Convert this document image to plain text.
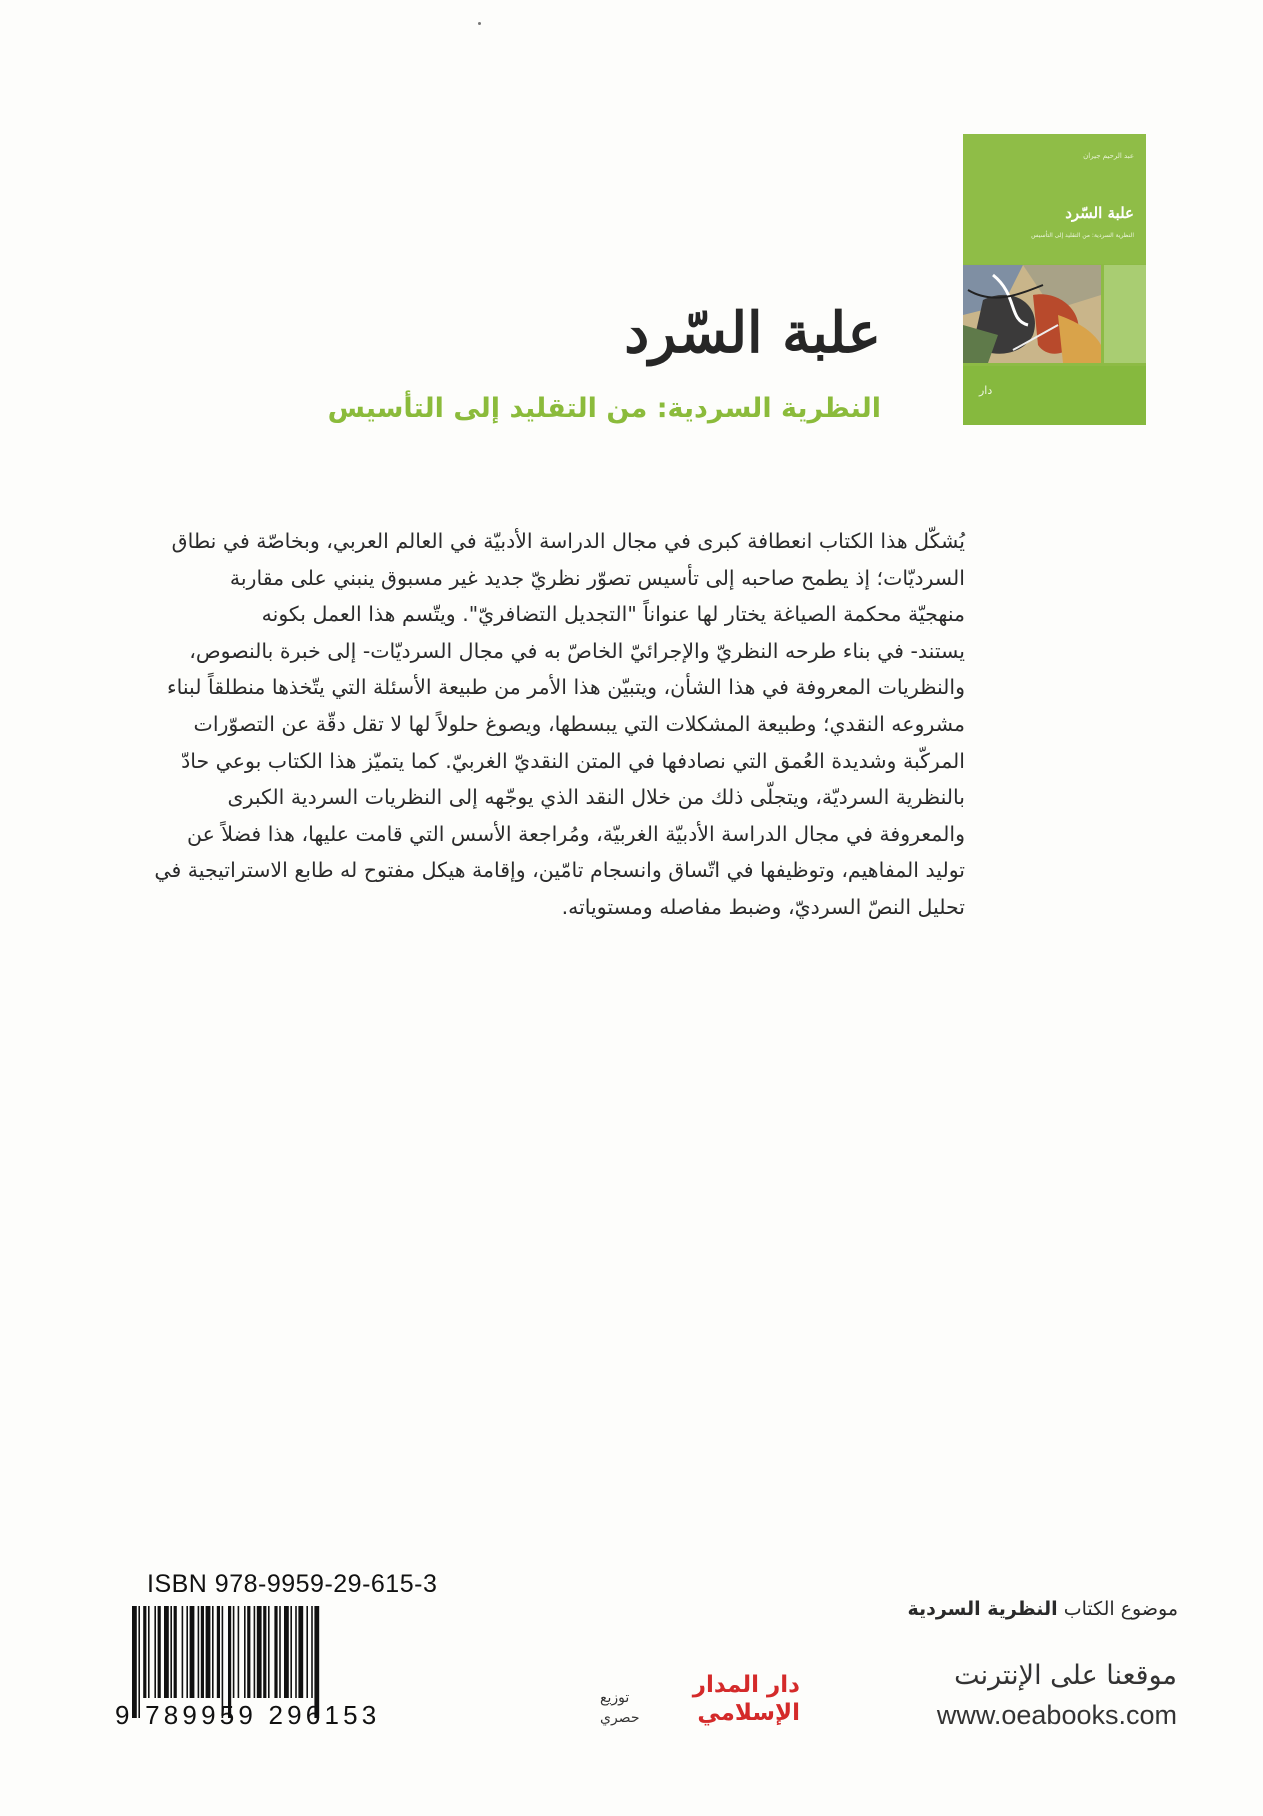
عبد الرحيم جيران
علبة السّرد
النظرية السردية: من التقليد إلى التأسيس
دار
علبة السّرد
النظرية السردية: من التقليد إلى التأسيس
يُشكّل هذا الكتاب انعطافة كبرى في مجال الدراسة الأدبيّة في العالم العربي، وبخاصّة في نطاق
السرديّات؛ إذ يطمح صاحبه إلى تأسيس تصوّر نظريّ جديد غير مسبوق ينبني على مقاربة
منهجيّة محكمة الصياغة يختار لها عنواناً "التجديل التضافريّ". ويتّسم هذا العمل بكونه
يستند- في بناء طرحه النظريّ والإجرائيّ الخاصّ به في مجال السرديّات- إلى خبرة بالنصوص،
والنظريات المعروفة في هذا الشأن، ويتبيّن هذا الأمر من طبيعة الأسئلة التي يتّخذها منطلقاً لبناء
مشروعه النقدي؛ وطبيعة المشكلات التي يبسطها، ويصوغ حلولاً لها لا تقل دقّة عن التصوّرات
المركّبة وشديدة العُمق التي نصادفها في المتن النقديّ الغربيّ. كما يتميّز هذا الكتاب بوعي حادّ
بالنظرية السرديّة، ويتجلّى ذلك من خلال النقد الذي يوجّهه إلى النظريات السردية الكبرى
والمعروفة في مجال الدراسة الأدبيّة الغربيّة، ومُراجعة الأسس التي قامت عليها، هذا فضلاً عن
توليد المفاهيم، وتوظيفها في اتّساق وانسجام تامّين، وإقامة هيكل مفتوح له طابع الاستراتيجية في
تحليل النصّ السرديّ، وضبط مفاصله ومستوياته.
ISBN 978-9959-29-615-3
9 789959 296153
دار المدار
الإسلامي
توزيع
حصري
موضوع الكتاب النظرية السردية
موقعنا على الإنترنت
www.oeabooks.com
